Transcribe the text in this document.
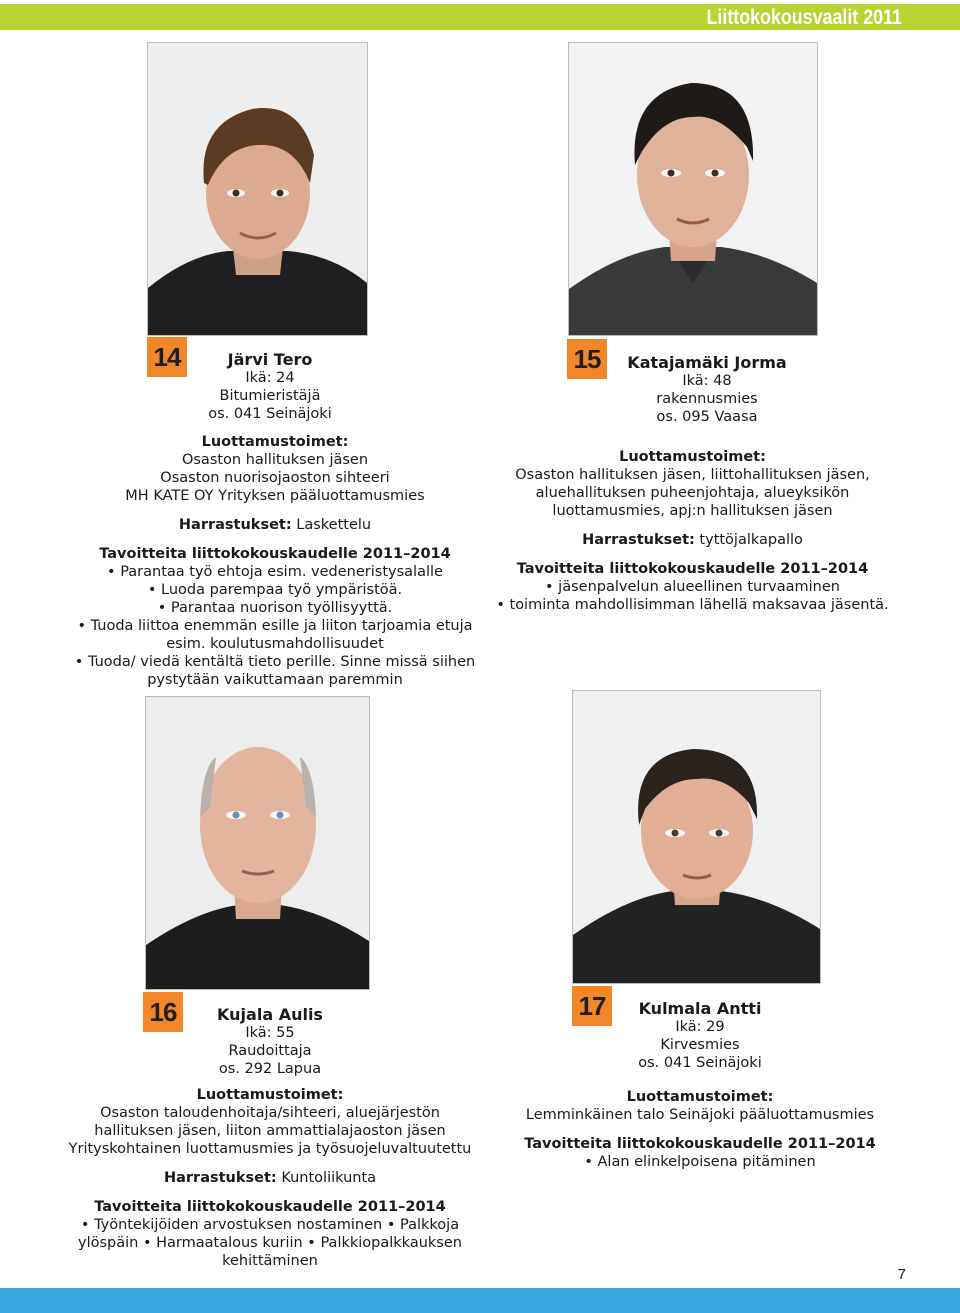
Liittokokousvaalit 2011
14	Järvi Tero
Ikä: 24
Bitumieristäjä
os. 041 Seinäjoki
Luottamustoimet:
Osaston hallituksen jäsen
Osaston nuorisojaoston sihteeri
MH KATE OY Yrityksen pääluottamusmies
Harrastukset: Laskettelu
Tavoitteita liittokokouskaudelle 2011–2014
• Parantaa työ ehtoja esim. vedeneristysalalle
• Luoda parempaa työ ympäristöä.
• Parantaa nuorison työllisyyttä.
• Tuoda liittoa enemmän esille ja liiton tarjoamia etuja
esim. koulutusmahdollisuudet
• Tuoda/ viedä kentältä tieto perille. Sinne missä siihen
pystytään vaikuttamaan paremmin
15	Katajamäki Jorma
Ikä: 48
rakennusmies
os. 095 Vaasa
Luottamustoimet:
Osaston hallituksen jäsen, liittohallituksen jäsen,
aluehallituksen puheenjohtaja, alueyksikön
luottamusmies, apj:n hallituksen jäsen
Harrastukset: tyttöjalkapallo
Tavoitteita liittokokouskaudelle 2011–2014
• jäsenpalvelun alueellinen turvaaminen
• toiminta mahdollisimman lähellä maksavaa jäsentä.
16	Kujala Aulis
Ikä: 55
Raudoittaja
os. 292 Lapua
Luottamustoimet:
Osaston taloudenhoitaja/sihteeri, aluejärjestön
hallituksen jäsen, liiton ammattialajaoston jäsen
Yrityskohtainen luottamusmies ja työsuojeluvaltuutettu
Harrastukset: Kuntoliikunta
Tavoitteita liittokokouskaudelle 2011–2014
• Työntekijöiden arvostuksen nostaminen • Palkkoja
ylöspäin • Harmaatalous kuriin • Palkkiopalkkauksen
kehittäminen
17	Kulmala Antti
Ikä: 29
Kirvesmies
os. 041 Seinäjoki
Luottamustoimet:
Lemminkäinen talo Seinäjoki pääluottamusmies
Tavoitteita liittokokouskaudelle 2011–2014
• Alan elinkelpoisena pitäminen
7
